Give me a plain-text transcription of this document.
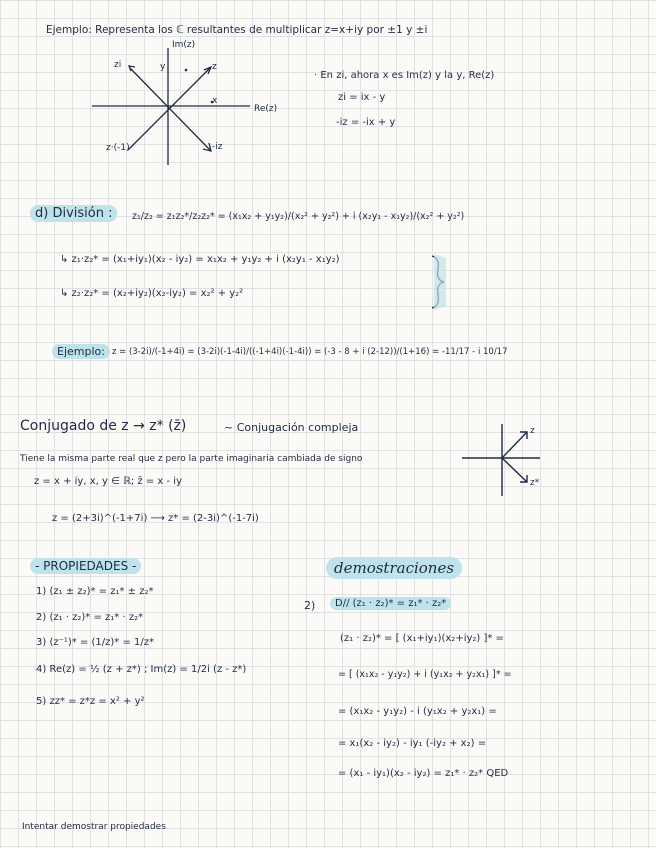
Ejemplo: Representa los ℂ resultantes de multiplicar z=x+iy por ±1 y ±i
Im(z)
Re(z)
zi	z
y
x
z·(-1)	-iz
· En zi, ahora x es Im(z) y la y, Re(z)
zi = ix - y
-iz = -ix + y
d) División :	z₁/z₂ = z₁z₂*/z₂z₂* = (x₁x₂ + y₁y₂)/(x₂² + y₂²) + i (x₂y₁ - x₁y₂)/(x₂² + y₂²)
↳ z₁·z₂* = (x₁+iy₁)(x₂ - iy₂) = x₁x₂ + y₁y₂ + i (x₂y₁ - x₁y₂)
↳ z₂·z₂* = (x₂+iy₂)(x₂-iy₂) = x₂² + y₂²
Ejemplo: z = (3-2i)/(-1+4i) = (3-2i)(-1-4i)/((-1+4i)(-1-4i)) = (-3 - 8 + i (2-12))/(1+16) = -11/17 - i 10/17
Conjugado de z → z* (z̄)	~ Conjugación compleja
Tiene la misma parte real que z pero la parte imaginaria cambiada de signo
z = x + iy, x, y ∈ ℝ; z̄ = x - iy
z = (2+3i)^(-1+7i) ⟶ z* = (2-3i)^(-1-7i)
z
z*
- PROPIEDADES -
1) (z₁ ± z₂)* = z₁* ± z₂*
2) (z₁ · z₂)* = z₁* · z₂*
3) (z⁻¹)* = (1/z)* = 1/z*
4) Re(z) = ½ (z + z*) ; Im(z) = 1/2i (z - z*)
5) zz* = z*z = x² + y²
demostraciones
2)	D// (z₁ · z₂)* = z₁* · z₂*
(z₁ · z₂)* = [ (x₁+iy₁)(x₂+iy₂) ]* =
= [ (x₁x₂ - y₁y₂) + i (y₁x₂ + y₂x₁) ]* =
= (x₁x₂ - y₁y₂) - i (y₁x₂ + y₂x₁) =
= x₁(x₂ - iy₂) - iy₁ (-iy₂ + x₂) =
= (x₁ - iy₁)(x₂ - iy₂) = z₁* · z₂* QED
Intentar demostrar propiedades
